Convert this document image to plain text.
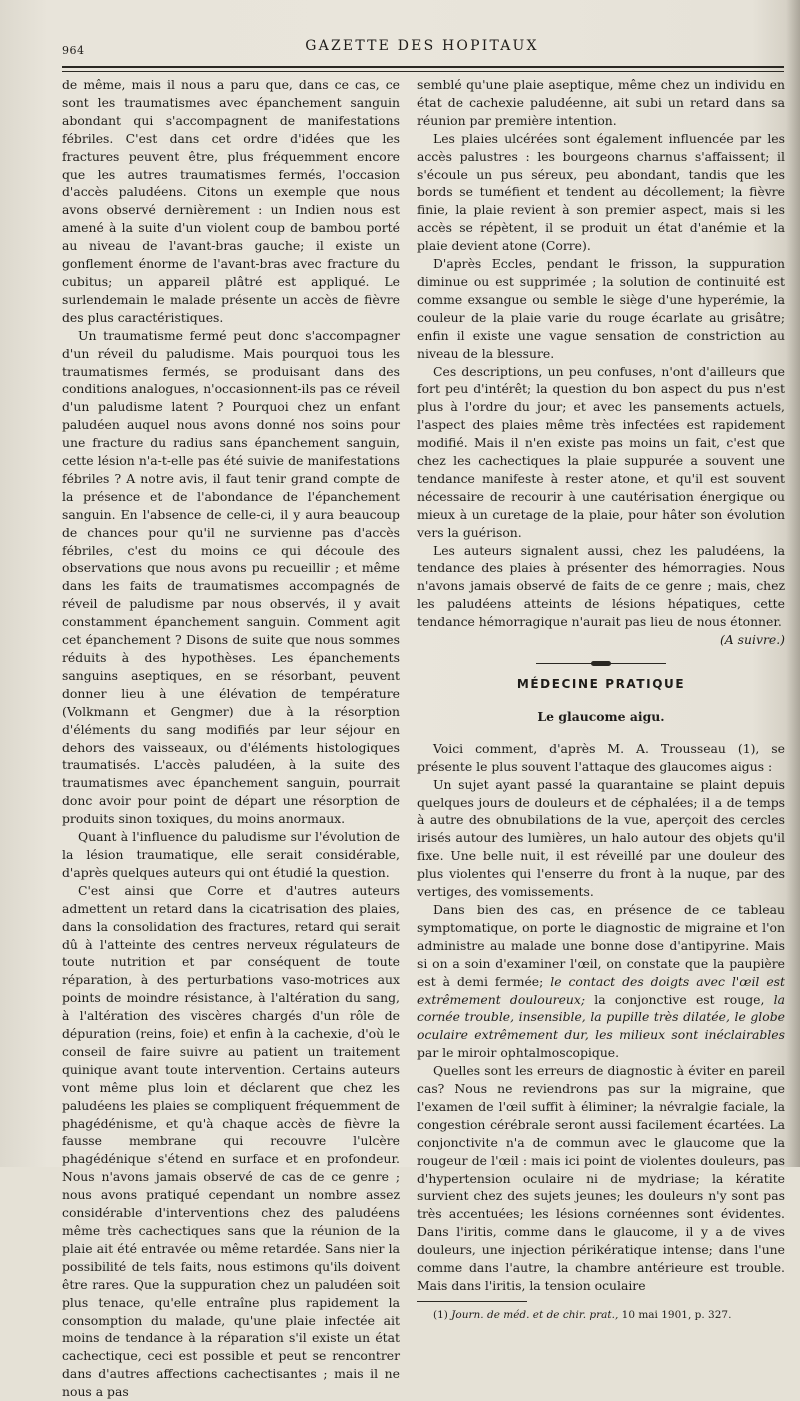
964	GAZETTE DES HOPITAUX

de même, mais il nous a paru que, dans ce cas, ce sont les traumatismes avec épanchement sanguin abondant qui s'accompagnent de manifestations fébriles. C'est dans cet ordre d'idées que les fractures peuvent être, plus fréquemment encore que les autres traumatismes fermés, l'occasion d'accès paludéens. Citons un exemple que nous avons observé dernièrement : un Indien nous est amené à la suite d'un violent coup de bambou porté au niveau de l'avant-bras gauche; il existe un gonflement énorme de l'avant-bras avec fracture du cubitus; un appareil plâtré est appliqué. Le surlendemain le malade présente un accès de fièvre des plus caractéristiques.

Un traumatisme fermé peut donc s'accompagner d'un réveil du paludisme. Mais pourquoi tous les traumatismes fermés, se produisant dans des conditions analogues, n'occasionnent-ils pas ce réveil d'un paludisme latent ? Pourquoi chez un enfant paludéen auquel nous avons donné nos soins pour une fracture du radius sans épanchement sanguin, cette lésion n'a-t-elle pas été suivie de manifestations fébriles ? A notre avis, il faut tenir grand compte de la présence et de l'abondance de l'épanchement sanguin. En l'absence de celle-ci, il y aura beaucoup de chances pour qu'il ne survienne pas d'accès fébriles, c'est du moins ce qui découle des observations que nous avons pu recueillir ; et même dans les faits de traumatismes accompagnés de réveil de paludisme par nous observés, il y avait constamment épanchement sanguin. Comment agit cet épanchement ? Disons de suite que nous sommes réduits à des hypothèses. Les épanchements sanguins aseptiques, en se résorbant, peuvent donner lieu à une élévation de température (Volkmann et Gengmer) due à la résorption d'éléments du sang modifiés par leur séjour en dehors des vaisseaux, ou d'éléments histologiques traumatisés. L'accès paludéen, à la suite des traumatismes avec épanchement sanguin, pourrait donc avoir pour point de départ une résorption de produits sinon toxiques, du moins anormaux.

Quant à l'influence du paludisme sur l'évolution de la lésion traumatique, elle serait considérable, d'après quelques auteurs qui ont étudié la question.

C'est ainsi que Corre et d'autres auteurs admettent un retard dans la cicatrisation des plaies, dans la consolidation des fractures, retard qui serait dû à l'atteinte des centres nerveux régulateurs de toute nutrition et par conséquent de toute réparation, à des perturbations vaso-motrices aux points de moindre résistance, à l'altération du sang, à l'altération des viscères chargés d'un rôle de dépuration (reins, foie) et enfin à la cachexie, d'où le conseil de faire suivre au patient un traitement quinique avant toute intervention. Certains auteurs vont même plus loin et déclarent que chez les paludéens les plaies se compliquent fréquemment de phagédénisme, et qu'à chaque accès de fièvre la fausse membrane qui recouvre l'ulcère phagédénique s'étend en surface et en profondeur. Nous n'avons jamais observé de cas de ce genre ; nous avons pratiqué cependant un nombre assez considérable d'interventions chez des paludéens même très cachectiques sans que la réunion de la plaie ait été entravée ou même retardée. Sans nier la possibilité de tels faits, nous estimons qu'ils doivent être rares. Que la suppuration chez un paludéen soit plus tenace, qu'elle entraîne plus rapidement la consomption du malade, qu'une plaie infectée ait moins de tendance à la réparation s'il existe un état cachectique, ceci est possible et peut se rencontrer dans d'autres affections cachectisantes ; mais il ne nous a pas

semblé qu'une plaie aseptique, même chez un individu en état de cachexie paludéenne, ait subi un retard dans sa réunion par première intention.

Les plaies ulcérées sont également influencée par les accès palustres : les bourgeons charnus s'affaissent; il s'écoule un pus séreux, peu abondant, tandis que les bords se tuméfient et tendent au décollement; la fièvre finie, la plaie revient à son premier aspect, mais si les accès se répètent, il se produit un état d'anémie et la plaie devient atone (Corre).

D'après Eccles, pendant le frisson, la suppuration diminue ou est supprimée ; la solution de continuité est comme exsangue ou semble le siège d'une hyperémie, la couleur de la plaie varie du rouge écarlate au grisâtre; enfin il existe une vague sensation de constriction au niveau de la blessure.

Ces descriptions, un peu confuses, n'ont d'ailleurs que fort peu d'intérêt; la question du bon aspect du pus n'est plus à l'ordre du jour; et avec les pansements actuels, l'aspect des plaies même très infectées est rapidement modifié. Mais il n'en existe pas moins un fait, c'est que chez les cachectiques la plaie suppurée a souvent une tendance manifeste à rester atone, et qu'il est souvent nécessaire de recourir à une cautérisation énergique ou mieux à un curetage de la plaie, pour hâter son évolution vers la guérison.

Les auteurs signalent aussi, chez les paludéens, la tendance des plaies à présenter des hémorragies. Nous n'avons jamais observé de faits de ce genre ; mais, chez les paludéens atteints de lésions hépatiques, cette tendance hémorragique n'aurait pas lieu de nous étonner.

(A suivre.)

MÉDECINE PRATIQUE
Le glaucome aigu.

Voici comment, d'après M. A. Trousseau (1), se présente le plus souvent l'attaque des glaucomes aigus :

Un sujet ayant passé la quarantaine se plaint depuis quelques jours de douleurs et de céphalées; il a de temps à autre des obnubilations de la vue, aperçoit des cercles irisés autour des lumières, un halo autour des objets qu'il fixe. Une belle nuit, il est réveillé par une douleur des plus violentes qui l'enserre du front à la nuque, par des vertiges, des vomissements.

Dans bien des cas, en présence de ce tableau symptomatique, on porte le diagnostic de migraine et l'on administre au malade une bonne dose d'antipyrine. Mais si on a soin d'examiner l'œil, on constate que la paupière est à demi fermée; le contact des doigts avec l'œil est extrêmement douloureux; la conjonctive est rouge, la cornée trouble, insensible, la pupille très dilatée, le globe oculaire extrêmement dur, les milieux sont inéclairables par le miroir ophtalmoscopique.

Quelles sont les erreurs de diagnostic à éviter en pareil cas? Nous ne reviendrons pas sur la migraine, que l'examen de l'œil suffit à éliminer; la névralgie faciale, la congestion cérébrale seront aussi facilement écartées. La conjonctivite n'a de commun avec le glaucome que la rougeur de l'œil : mais ici point de violentes douleurs, pas d'hypertension oculaire ni de mydriase; la kératite survient chez des sujets jeunes; les douleurs n'y sont pas très accentuées; les lésions cornéennes sont évidentes. Dans l'iritis, comme dans le glaucome, il y a de vives douleurs, une injection périkératique intense; dans l'une comme dans l'autre, la chambre antérieure est trouble. Mais dans l'iritis, la tension oculaire

(1) Journ. de méd. et de chir. prat., 10 mai 1901, p. 327.
